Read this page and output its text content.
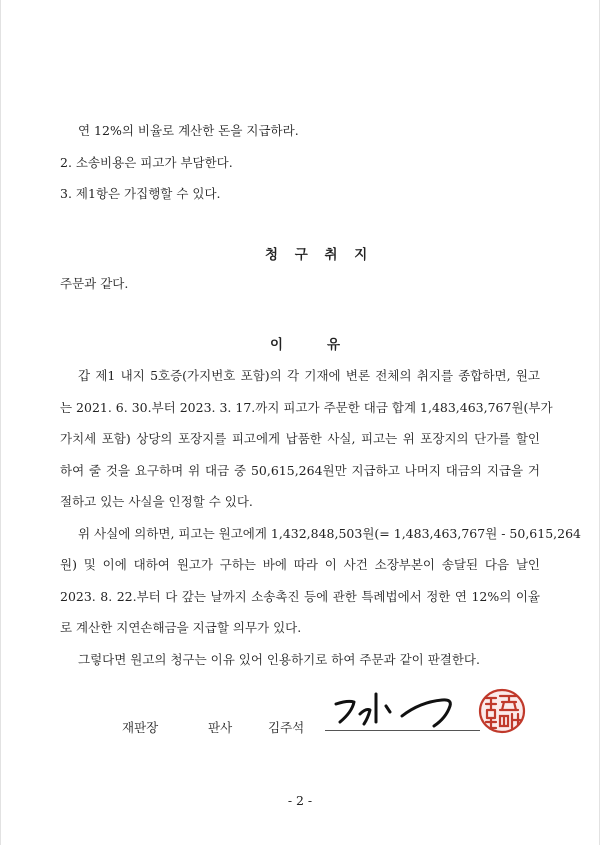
연 12%의 비율로 계산한 돈을 지급하라.
2. 소송비용은 피고가 부담한다.
3. 제1항은 가집행할 수 있다.
청 구 취 지
주문과 같다.
이	유
갑 제1 내지 5호증(가지번호 포함)의 각 기재에 변론 전체의 취지를 종합하면, 원고
는 2021. 6. 30.부터 2023. 3. 17.까지 피고가 주문한 대금 합계 1,483,463,767원(부가
가치세 포함) 상당의 포장지를 피고에게 납품한 사실, 피고는 위 포장지의 단가를 할인
하여 줄 것을 요구하며 위 대금 중 50,615,264원만 지급하고 나머지 대금의 지급을 거
절하고 있는 사실을 인정할 수 있다.
위 사실에 의하면, 피고는 원고에게 1,432,848,503원(= 1,483,463,767원 - 50,615,264
원) 및 이에 대하여 원고가 구하는 바에 따라 이 사건 소장부본이 송달된 다음 날인
2023. 8. 22.부터 다 갚는 날까지 소송촉진 등에 관한 특례법에서 정한 연 12%의 이율
로 계산한 지연손해금을 지급할 의무가 있다.
그렇다면 원고의 청구는 이유 있어 인용하기로 하여 주문과 같이 판결한다.
재판장	판사	김주석
- 2 -
